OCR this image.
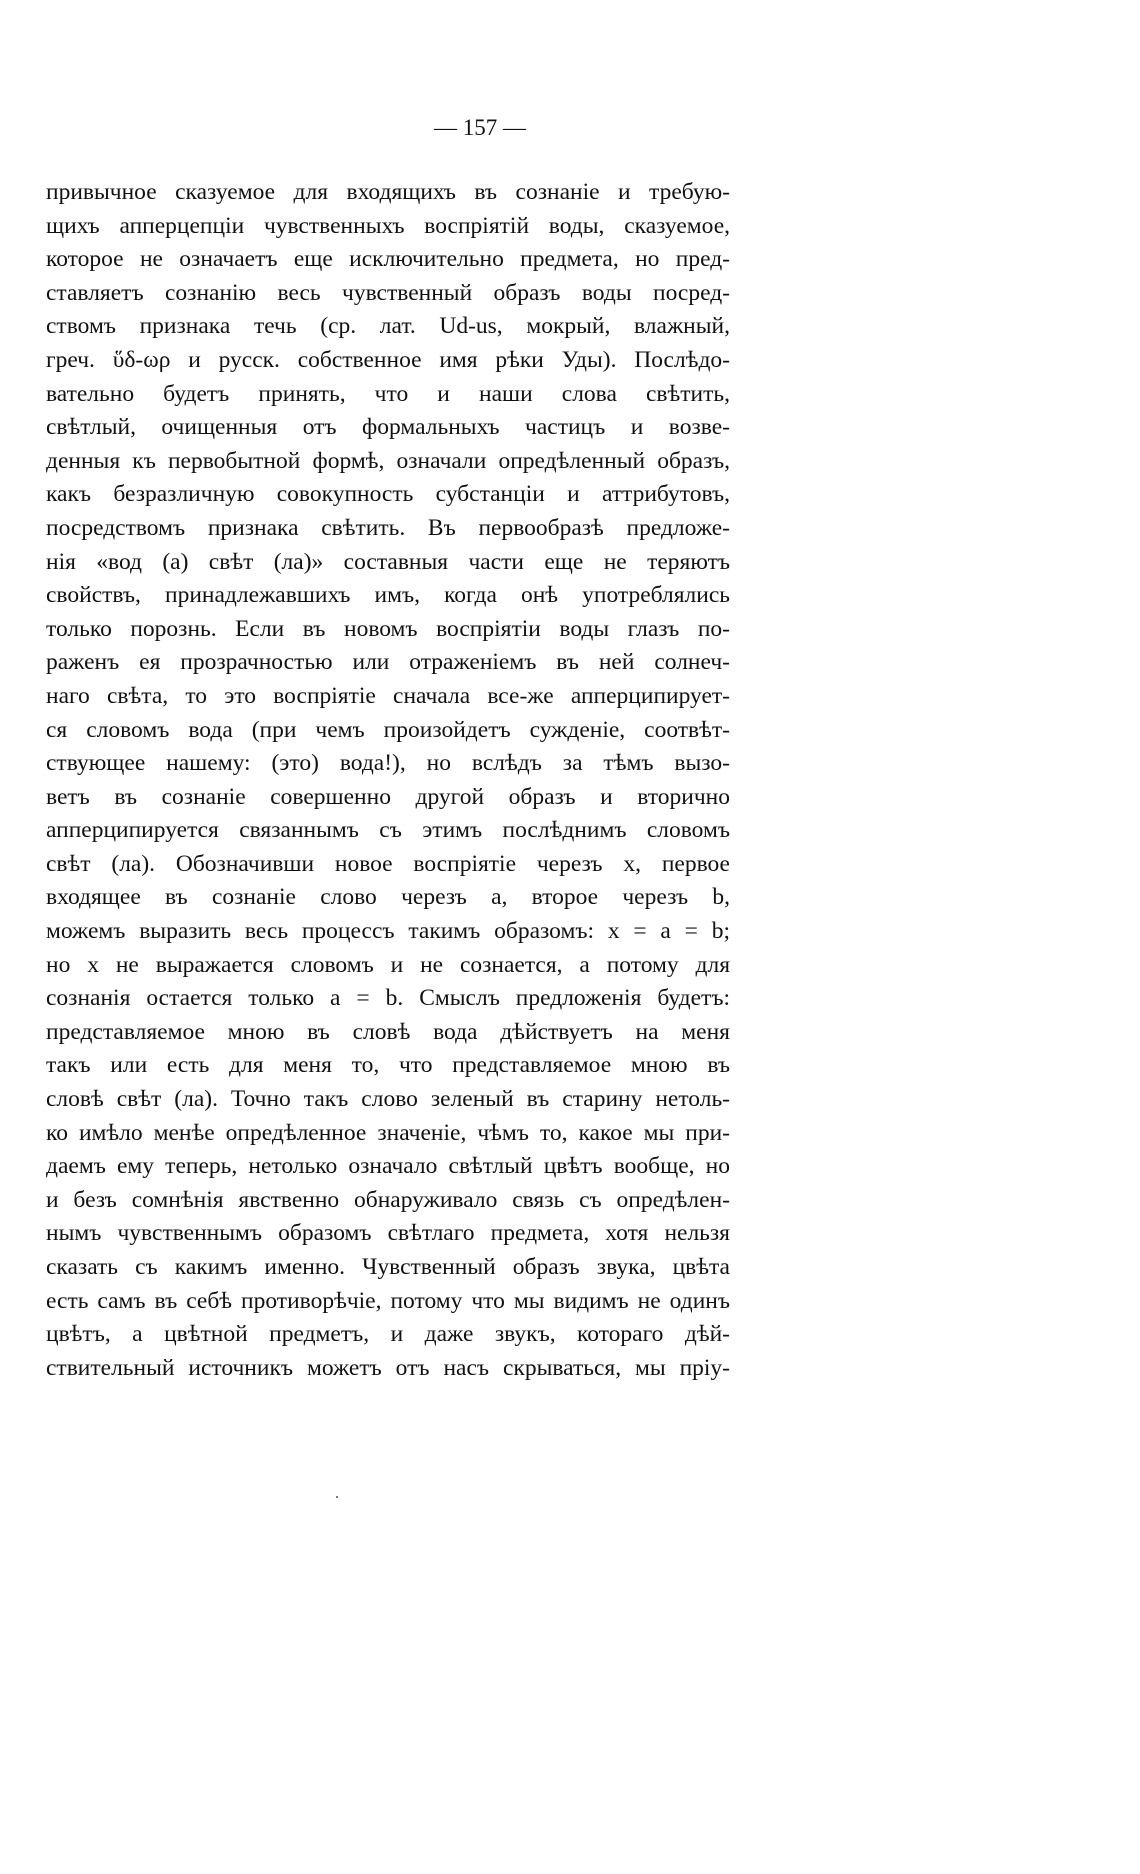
— 157 —
привычное сказуемое для входящихъ въ сознаніе и требую-
щихъ апперцепціи чувственныхъ воспріятій воды, сказуемое,
которое не означаетъ еще исключительно предмета, но пред-
ставляетъ сознанію весь чувственный образъ воды посред-
ствомъ признака течь (ср. лат. Ud-us, мокрый, влажный,
греч. ὕδ-ωρ и русск. собственное имя рѣки Уды). Послѣдо-
вательно будетъ принять, что и наши слова свѣтить,
свѣтлый, очищенныя отъ формальныхъ частицъ и возве-
денныя къ первобытной формѣ, означали опредѣленный образъ,
какъ безразличную совокупность субстанціи и аттрибутовъ,
посредствомъ признака свѣтить. Въ первообразѣ предложе-
нія «вод (а) свѣт (ла)» составныя части еще не теряютъ
свойствъ, принадлежавшихъ имъ, когда онѣ употреблялись
только порознь. Если въ новомъ воспріятіи воды глазъ по-
раженъ ея прозрачностью или отраженіемъ въ ней солнеч-
наго свѣта, то это воспріятіе сначала все-же апперципирует-
ся словомъ вода (при чемъ произойдетъ сужденіе, соотвѣт-
ствующее нашему: (это) вода!), но вслѣдъ за тѣмъ вызо-
ветъ въ сознаніе совершенно другой образъ и вторично
апперципируется связаннымъ съ этимъ послѣднимъ словомъ
свѣт (ла). Обозначивши новое воспріятіе черезъ x, первое
входящее въ сознаніе слово черезъ a, второе черезъ b,
можемъ выразить весь процессъ такимъ образомъ: x = a = b;
но x не выражается словомъ и не сознается, а потому для
сознанія остается только a = b. Смыслъ предложенія будетъ:
представляемое мною въ словѣ вода дѣйствуетъ на меня
такъ или есть для меня то, что представляемое мною въ
словѣ свѣт (ла). Точно такъ слово зеленый въ старину нетоль-
ко имѣло менѣе опредѣленное значеніе, чѣмъ то, какое мы при-
даемъ ему теперь, нетолько означало свѣтлый цвѣтъ вообще, но
и безъ сомнѣнія явственно обнаруживало связь съ опредѣлен-
нымъ чувственнымъ образомъ свѣтлаго предмета, хотя нельзя
сказать съ какимъ именно. Чувственный образъ звука, цвѣта
есть самъ въ себѣ противорѣчіе, потому что мы видимъ не одинъ
цвѣтъ, а цвѣтной предметъ, и даже звукъ, котораго дѣй-
ствительный источникъ можетъ отъ насъ скрываться, мы пріу-
